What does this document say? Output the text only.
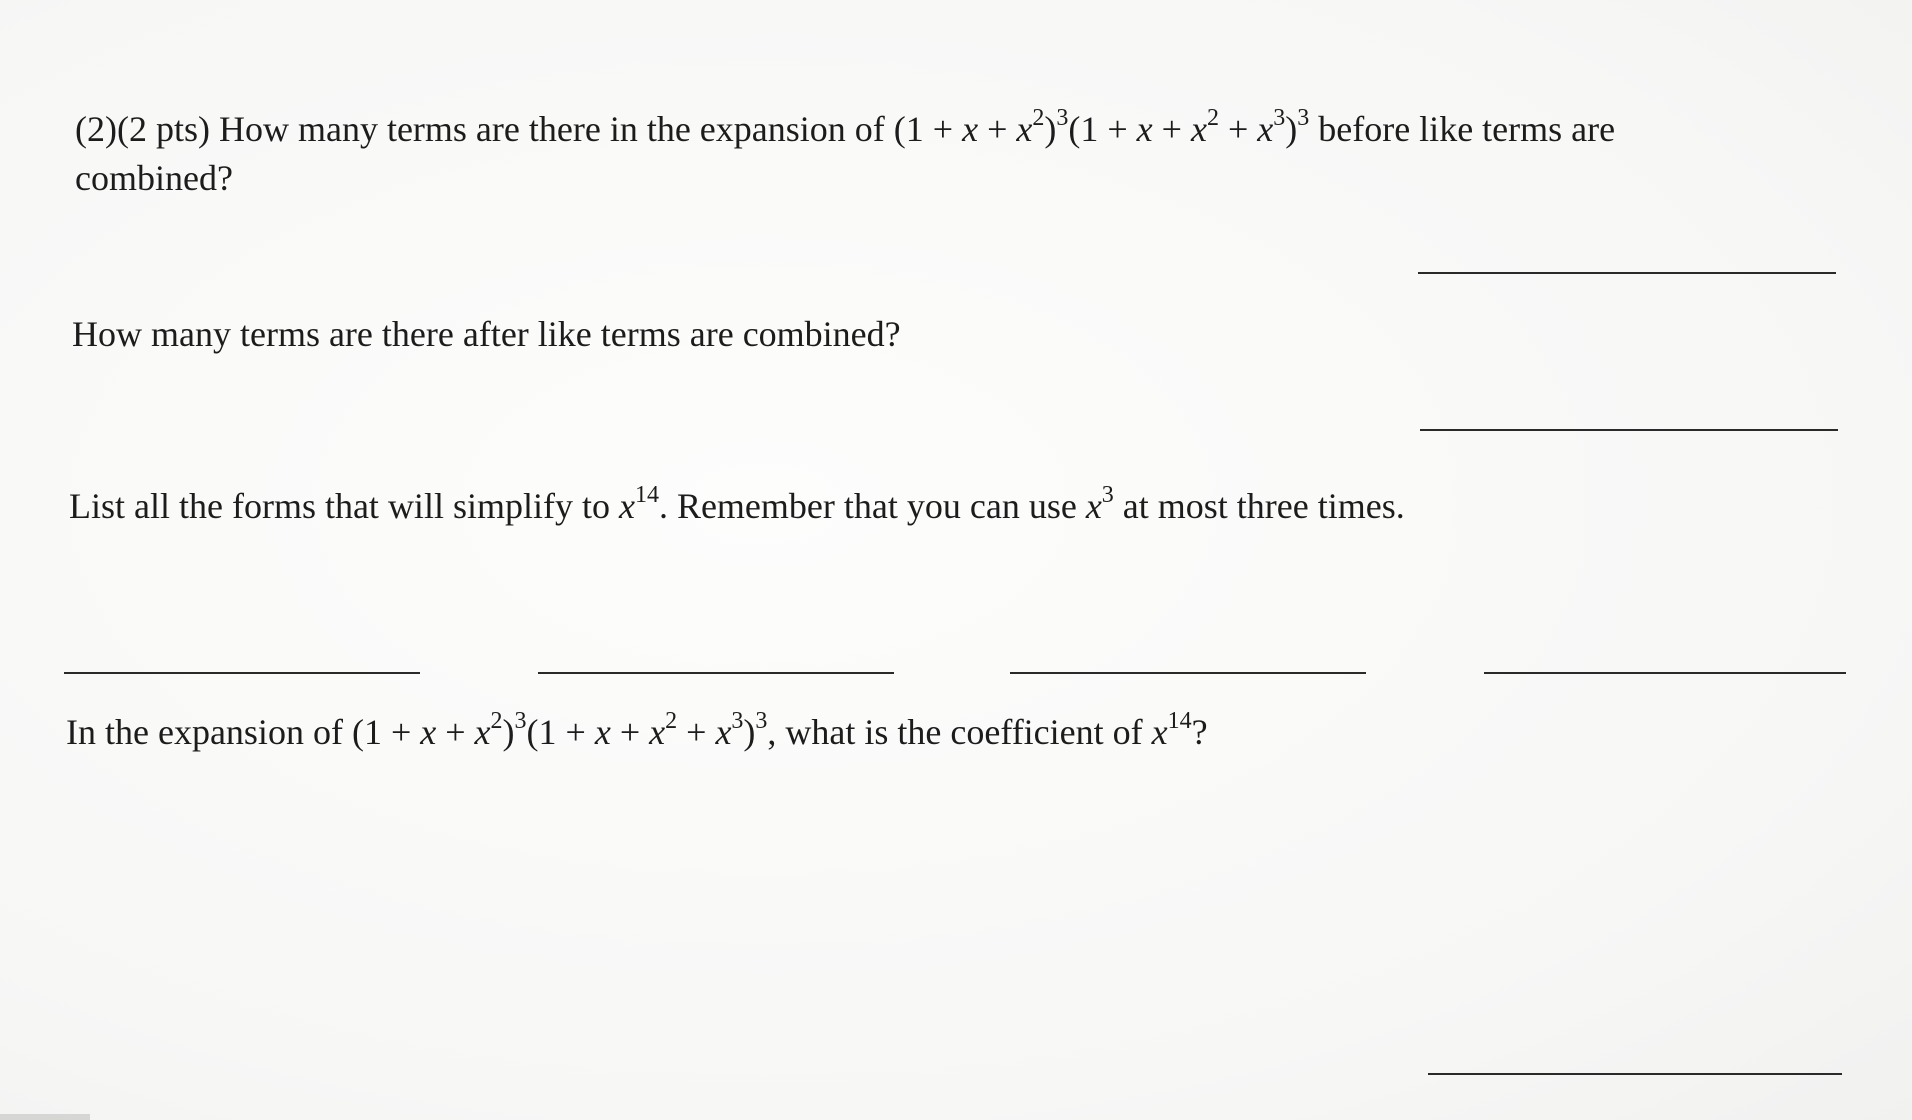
(2)(2 pts) How many terms are there in the expansion of $(1 + x + x^2)^3(1 + x + x^2 + x^3)^3$ before like terms are
combined?
How many terms are there after like terms are combined?
List all the forms that will simplify to $x^{14}$. Remember that you can use $x^3$ at most three times.
In the expansion of $(1 + x + x^2)^3(1 + x + x^2 + x^3)^3$, what is the coefficient of $x^{14}$?
